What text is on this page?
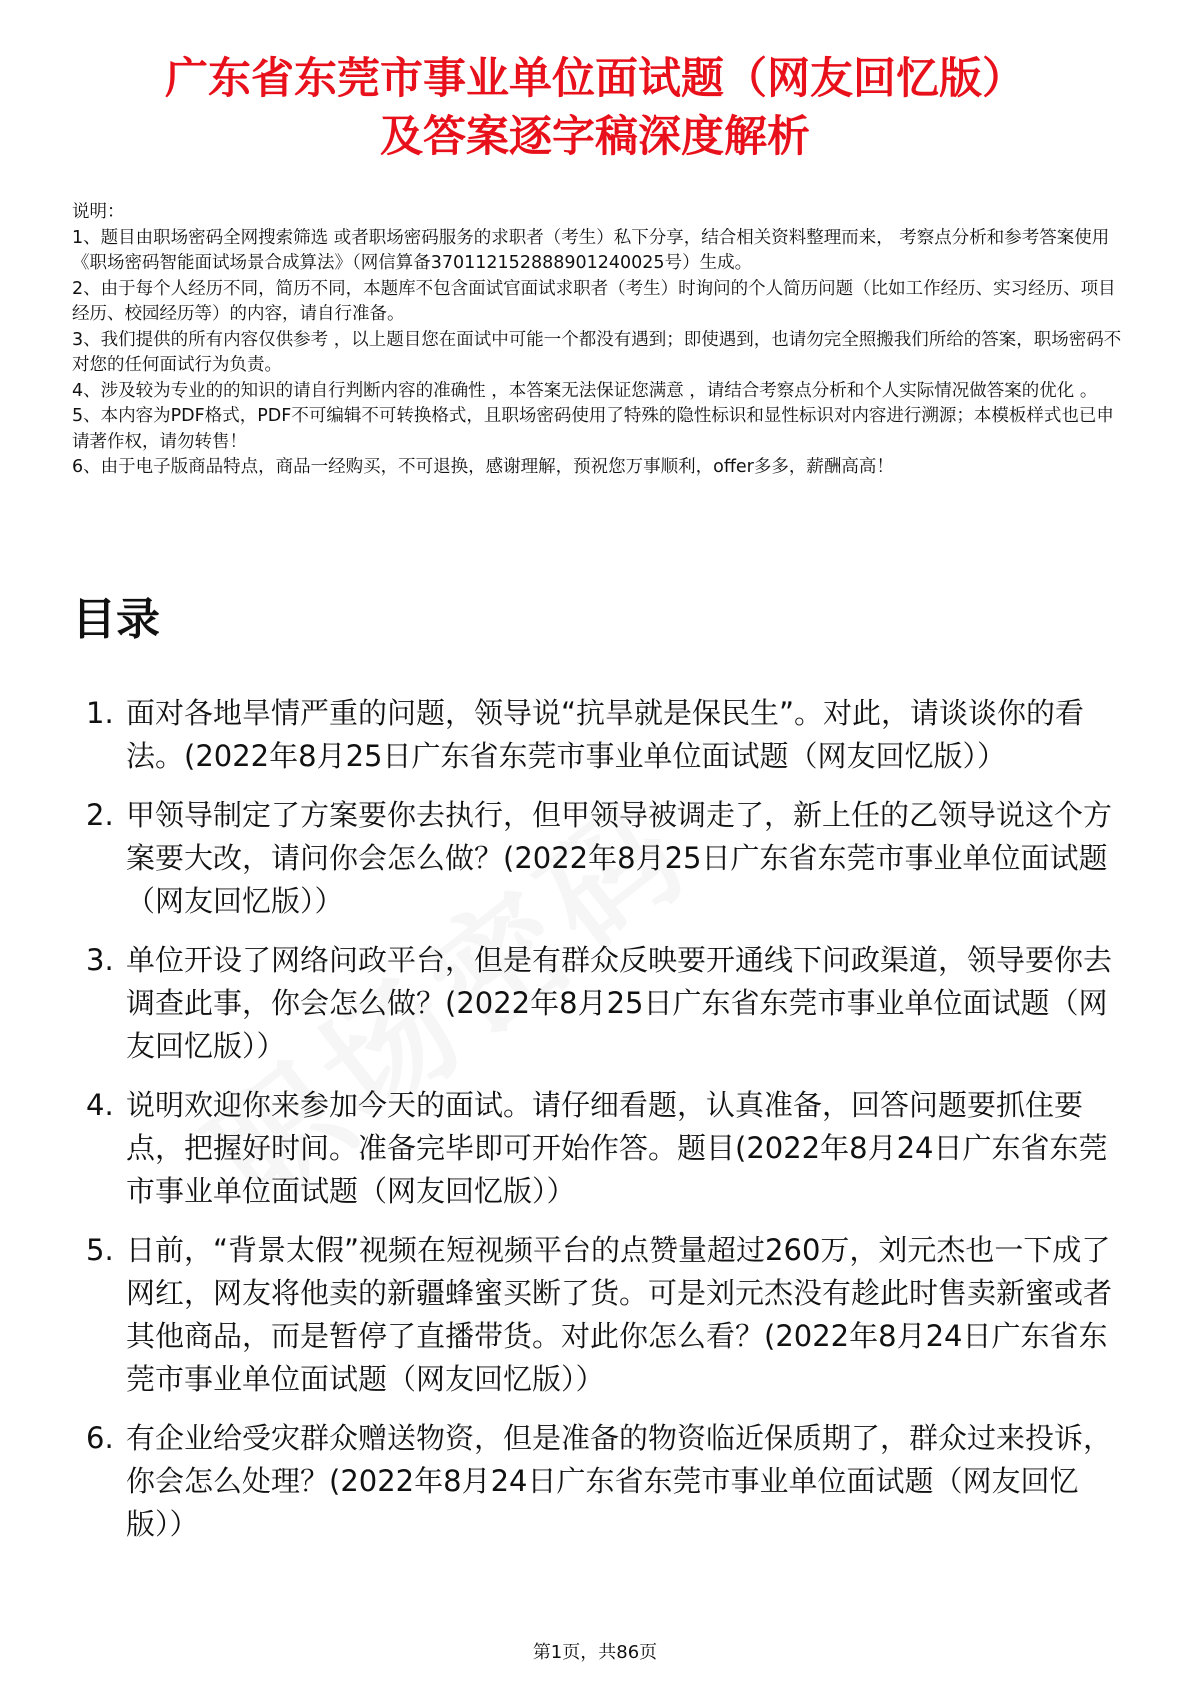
广东省东莞市事业单位面试题（网友回忆版）
及答案逐字稿深度解析

说明：

1、题目由职场密码全网搜索筛选 或者职场密码服务的求职者（考生）私下分享，结合相关资料整理而来， 考察点分析和参考答案使用《职场密码智能面试场景合成算法》（网信算备370112152888901240025号）生成。

2、由于每个人经历不同，简历不同，本题库不包含面试官面试求职者（考生）时询问的个人简历问题（比如工作经历、实习经历、项目经历、校园经历等）的内容，请自行准备。

3、我们提供的所有内容仅供参考 ，以上题目您在面试中可能一个都没有遇到；即使遇到，也请勿完全照搬我们所给的答案，职场密码不对您的任何面试行为负责。

4、涉及较为专业的的知识的请自行判断内容的准确性 ，本答案无法保证您满意 ，请结合考察点分析和个人实际情况做答案的优化 。

5、本内容为PDF格式，PDF不可编辑不可转换格式，且职场密码使用了特殊的隐性标识和显性标识对内容进行溯源；本模板样式也已申请著作权，请勿转售！

6、由于电子版商品特点，商品一经购买，不可退换，感谢理解，预祝您万事顺利，offer多多，薪酬高高！

目录
1. 面对各地旱情严重的问题，领导说“抗旱就是保民生”。对此，请谈谈你的看法。(2022年8月25日广东省东莞市事业单位面试题（网友回忆版））
2. 甲领导制定了方案要你去执行，但甲领导被调走了，新上任的乙领导说这个方案要大改，请问你会怎么做？(2022年8月25日广东省东莞市事业单位面试题（网友回忆版））
3. 单位开设了网络问政平台，但是有群众反映要开通线下问政渠道，领导要你去调查此事，你会怎么做？(2022年8月25日广东省东莞市事业单位面试题（网友回忆版））
4. 说明欢迎你来参加今天的面试。请仔细看题，认真准备，回答问题要抓住要点，把握好时间。准备完毕即可开始作答。题目(2022年8月24日广东省东莞市事业单位面试题（网友回忆版））
5. 日前，“背景太假”视频在短视频平台的点赞量超过260万，刘元杰也一下成了网红，网友将他卖的新疆蜂蜜买断了货。可是刘元杰没有趁此时售卖新蜜或者其他商品，而是暂停了直播带货。对此你怎么看？(2022年8月24日广东省东莞市事业单位面试题（网友回忆版））
6. 有企业给受灾群众赠送物资，但是准备的物资临近保质期了，群众过来投诉，你会怎么处理？(2022年8月24日广东省东莞市事业单位面试题（网友回忆版））
第1页，共86页
